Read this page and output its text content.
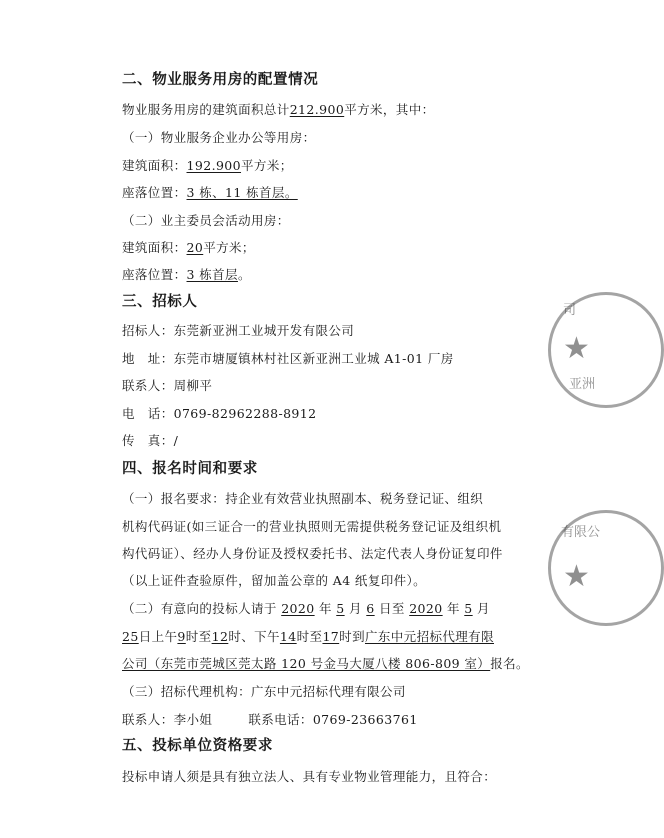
二、物业服务用房的配置情况
物业服务用房的建筑面积总计212.900平方米，其中：
（一）物业服务企业办公等用房：
建筑面积：192.900平方米；
座落位置：3 栋、11 栋首层。
（二）业主委员会活动用房：
建筑面积：20平方米；
座落位置：3 栋首层。
三、招标人
招标人：东莞新亚洲工业城开发有限公司
地　址：东莞市塘厦镇林村社区新亚洲工业城 A1-01 厂房
联系人：周柳平
电　话：0769-82962288-8912
传　真：/
四、报名时间和要求
（一）报名要求：持企业有效营业执照副本、税务登记证、组织
机构代码证(如三证合一的营业执照则无需提供税务登记证及组织机
构代码证）、经办人身份证及授权委托书、法定代表人身份证复印件
（以上证件查验原件，留加盖公章的 A4 纸复印件）。
（二）有意向的投标人请于 2020 年 5 月 6 日至 2020 年 5 月
25日上午9时至12时、下午14时至17时到广东中元招标代理有限
公司（东莞市莞城区莞太路 120 号金马大厦八楼 806-809 室）报名。
（三）招标代理机构：广东中元招标代理有限公司
联系人：李小姐	联系电话：0769-23663761
五、投标单位资格要求
投标申请人须是具有独立法人、具有专业物业管理能力，且符合：
司
★
亚洲
有限公
★
